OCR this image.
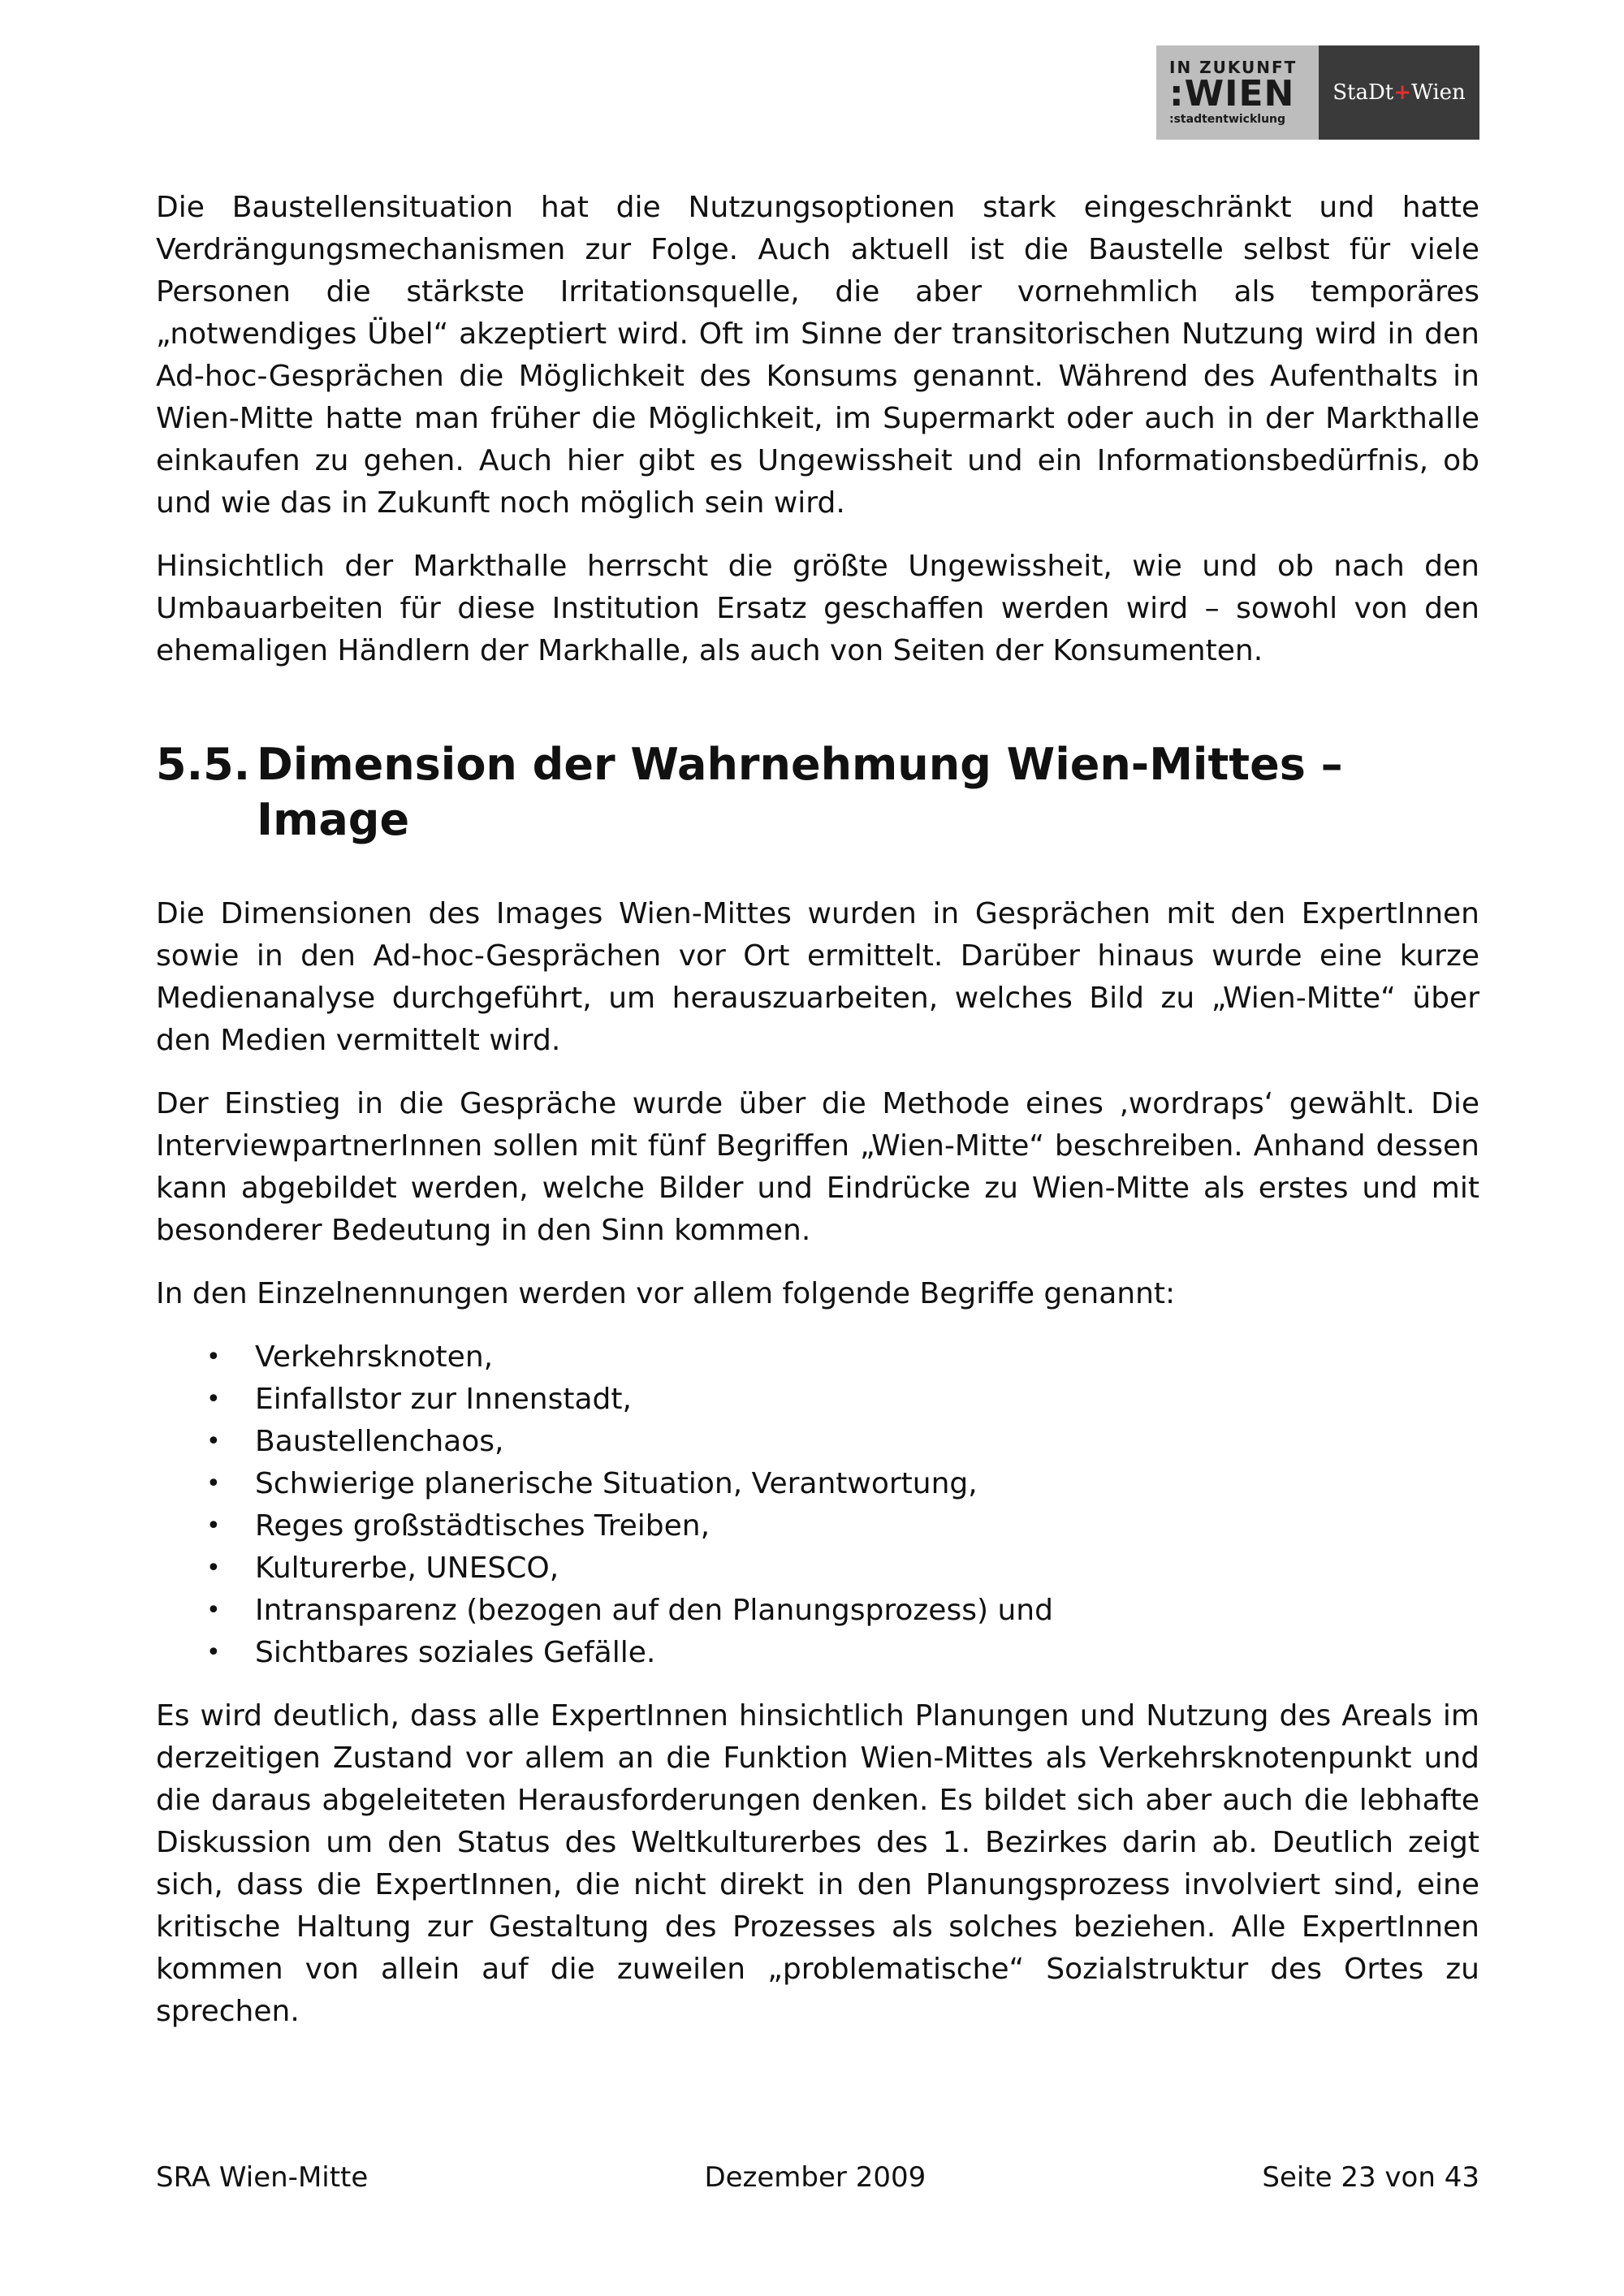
IN ZUKUNFT
:WIEN
:stadtentwicklung
StaDt + Wien

Die Baustellensituation hat die Nutzungsoptionen stark eingeschränkt und hatte Verdrängungsmechanismen zur Folge. Auch aktuell ist die Baustelle selbst für viele Personen die stärkste Irritationsquelle, die aber vornehmlich als temporäres „notwendiges Übel“ akzeptiert wird. Oft im Sinne der transitorischen Nutzung wird in den Ad-hoc-Gesprächen die Möglichkeit des Konsums genannt. Während des Aufenthalts in Wien-Mitte hatte man früher die Möglichkeit, im Supermarkt oder auch in der Markthalle einkaufen zu gehen. Auch hier gibt es Ungewissheit und ein Informationsbedürfnis, ob und wie das in Zukunft noch möglich sein wird.

Hinsichtlich der Markthalle herrscht die größte Ungewissheit, wie und ob nach den Umbauarbeiten für diese Institution Ersatz geschaffen werden wird – sowohl von den ehemaligen Händlern der Markhalle, als auch von Seiten der Konsumenten.

5.5. Dimension der Wahrnehmung Wien-Mittes – Image

Die Dimensionen des Images Wien-Mittes wurden in Gesprächen mit den ExpertInnen sowie in den Ad-hoc-Gesprächen vor Ort ermittelt. Darüber hinaus wurde eine kurze Medienanalyse durchgeführt, um herauszuarbeiten, welches Bild zu „Wien-Mitte“ über den Medien vermittelt wird.

Der Einstieg in die Gespräche wurde über die Methode eines ‚wordraps‘ gewählt. Die InterviewpartnerInnen sollen mit fünf Begriffen „Wien-Mitte“ beschreiben. Anhand dessen kann abgebildet werden, welche Bilder und Eindrücke zu Wien-Mitte als erstes und mit besonderer Bedeutung in den Sinn kommen.

In den Einzelnennungen werden vor allem folgende Begriffe genannt:

•	Verkehrsknoten,
•	Einfallstor zur Innenstadt,
•	Baustellenchaos,
•	Schwierige planerische Situation, Verantwortung,
•	Reges großstädtisches Treiben,
•	Kulturerbe, UNESCO,
•	Intransparenz (bezogen auf den Planungsprozess) und
•	Sichtbares soziales Gefälle.

Es wird deutlich, dass alle ExpertInnen hinsichtlich Planungen und Nutzung des Areals im derzeitigen Zustand vor allem an die Funktion Wien-Mittes als Verkehrsknotenpunkt und die daraus abgeleiteten Herausforderungen denken. Es bildet sich aber auch die lebhafte Diskussion um den Status des Weltkulturerbes des 1. Bezirkes darin ab. Deutlich zeigt sich, dass die ExpertInnen, die nicht direkt in den Planungsprozess involviert sind, eine kritische Haltung zur Gestaltung des Prozesses als solches beziehen. Alle ExpertInnen kommen von allein auf die zuweilen „problematische“ Sozialstruktur des Ortes zu sprechen.

SRA Wien-Mitte	Dezember 2009	Seite 23 von 43
